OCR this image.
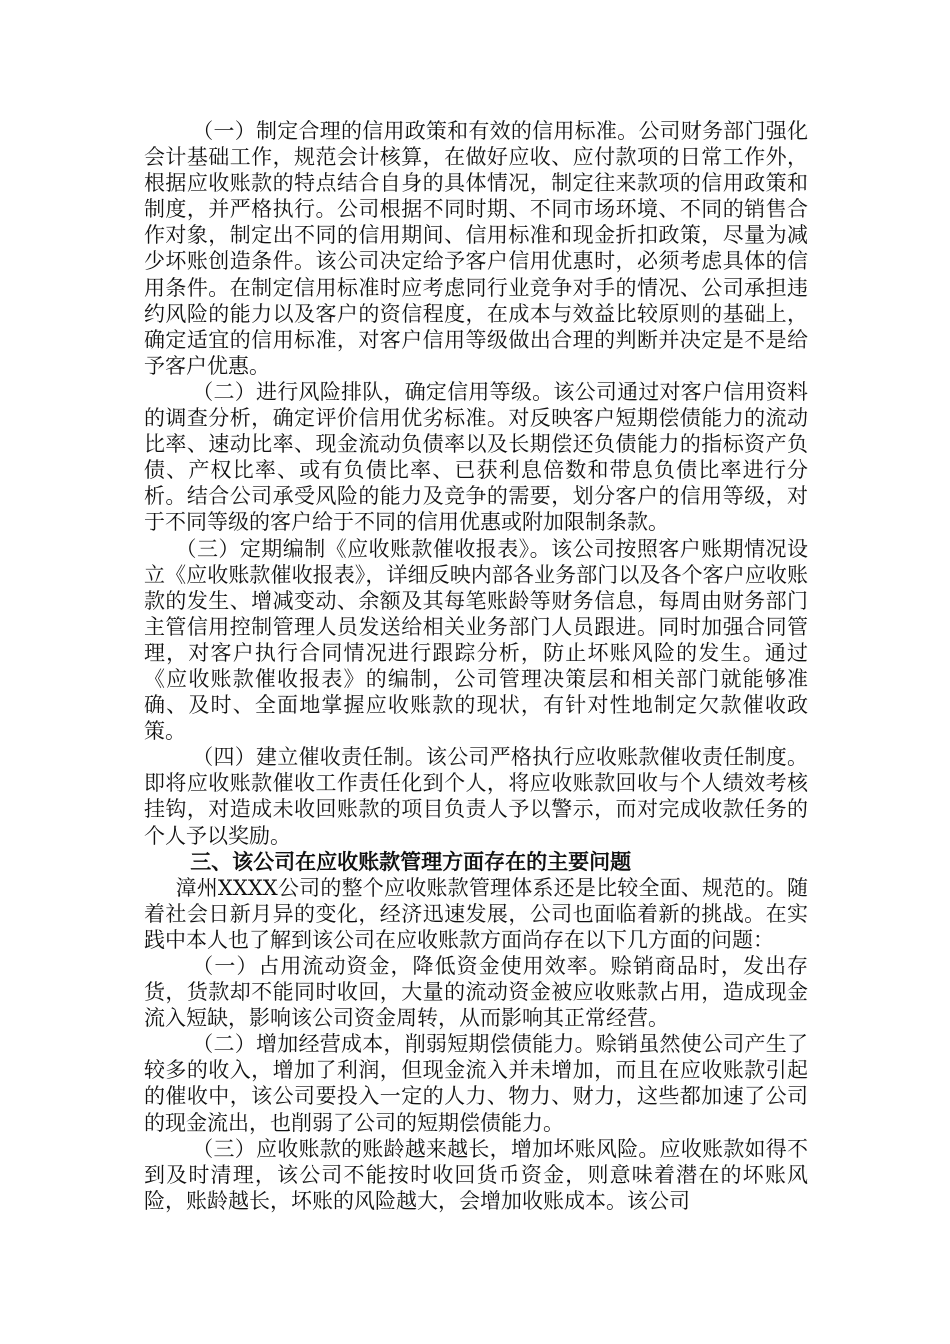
（一）制定合理的信用政策和有效的信用标准。公司财务部门强化会计基础工作，规范会计核算，在做好应收、应付款项的日常工作外，根据应收账款的特点结合自身的具体情况，制定往来款项的信用政策和制度，并严格执行。公司根据不同时期、不同市场环境、不同的销售合作对象，制定出不同的信用期间、信用标准和现金折扣政策，尽量为减少坏账创造条件。该公司决定给予客户信用优惠时，必须考虑具体的信用条件。在制定信用标准时应考虑同行业竞争对手的情况、公司承担违约风险的能力以及客户的资信程度，在成本与效益比较原则的基础上，确定适宜的信用标准，对客户信用等级做出合理的判断并决定是不是给予客户优惠。

（二）进行风险排队，确定信用等级。该公司通过对客户信用资料的调查分析，确定评价信用优劣标准。对反映客户短期偿债能力的流动比率、速动比率、现金流动负债率以及长期偿还负债能力的指标资产负债、产权比率、或有负债比率、已获利息倍数和带息负债比率进行分析。结合公司承受风险的能力及竞争的需要，划分客户的信用等级，对于不同等级的客户给于不同的信用优惠或附加限制条款。

（三）定期编制《应收账款催收报表》。该公司按照客户账期情况设立《应收账款催收报表》，详细反映内部各业务部门以及各个客户应收账款的发生、增减变动、余额及其每笔账龄等财务信息，每周由财务部门主管信用控制管理人员发送给相关业务部门人员跟进。同时加强合同管理，对客户执行合同情况进行跟踪分析，防止坏账风险的发生。通过《应收账款催收报表》的编制，公司管理决策层和相关部门就能够准确、及时、全面地掌握应收账款的现状，有针对性地制定欠款催收政策。

（四）建立催收责任制。该公司严格执行应收账款催收责任制度。即将应收账款催收工作责任化到个人，将应收账款回收与个人绩效考核挂钩，对造成未收回账款的项目负责人予以警示，而对完成收款任务的个人予以奖励。

三、该公司在应收账款管理方面存在的主要问题

漳州XXXX公司的整个应收账款管理体系还是比较全面、规范的。随着社会日新月异的变化，经济迅速发展，公司也面临着新的挑战。在实践中本人也了解到该公司在应收账款方面尚存在以下几方面的问题：

（一）占用流动资金，降低资金使用效率。赊销商品时，发出存货，货款却不能同时收回，大量的流动资金被应收账款占用，造成现金流入短缺，影响该公司资金周转，从而影响其正常经营。

（二）增加经营成本，削弱短期偿债能力。赊销虽然使公司产生了较多的收入，增加了利润，但现金流入并未增加，而且在应收账款引起的催收中，该公司要投入一定的人力、物力、财力，这些都加速了公司的现金流出，也削弱了公司的短期偿债能力。

（三）应收账款的账龄越来越长，增加坏账风险。应收账款如得不到及时清理，该公司不能按时收回货币资金，则意味着潜在的坏账风险，账龄越长，坏账的风险越大，会增加收账成本。该公司
